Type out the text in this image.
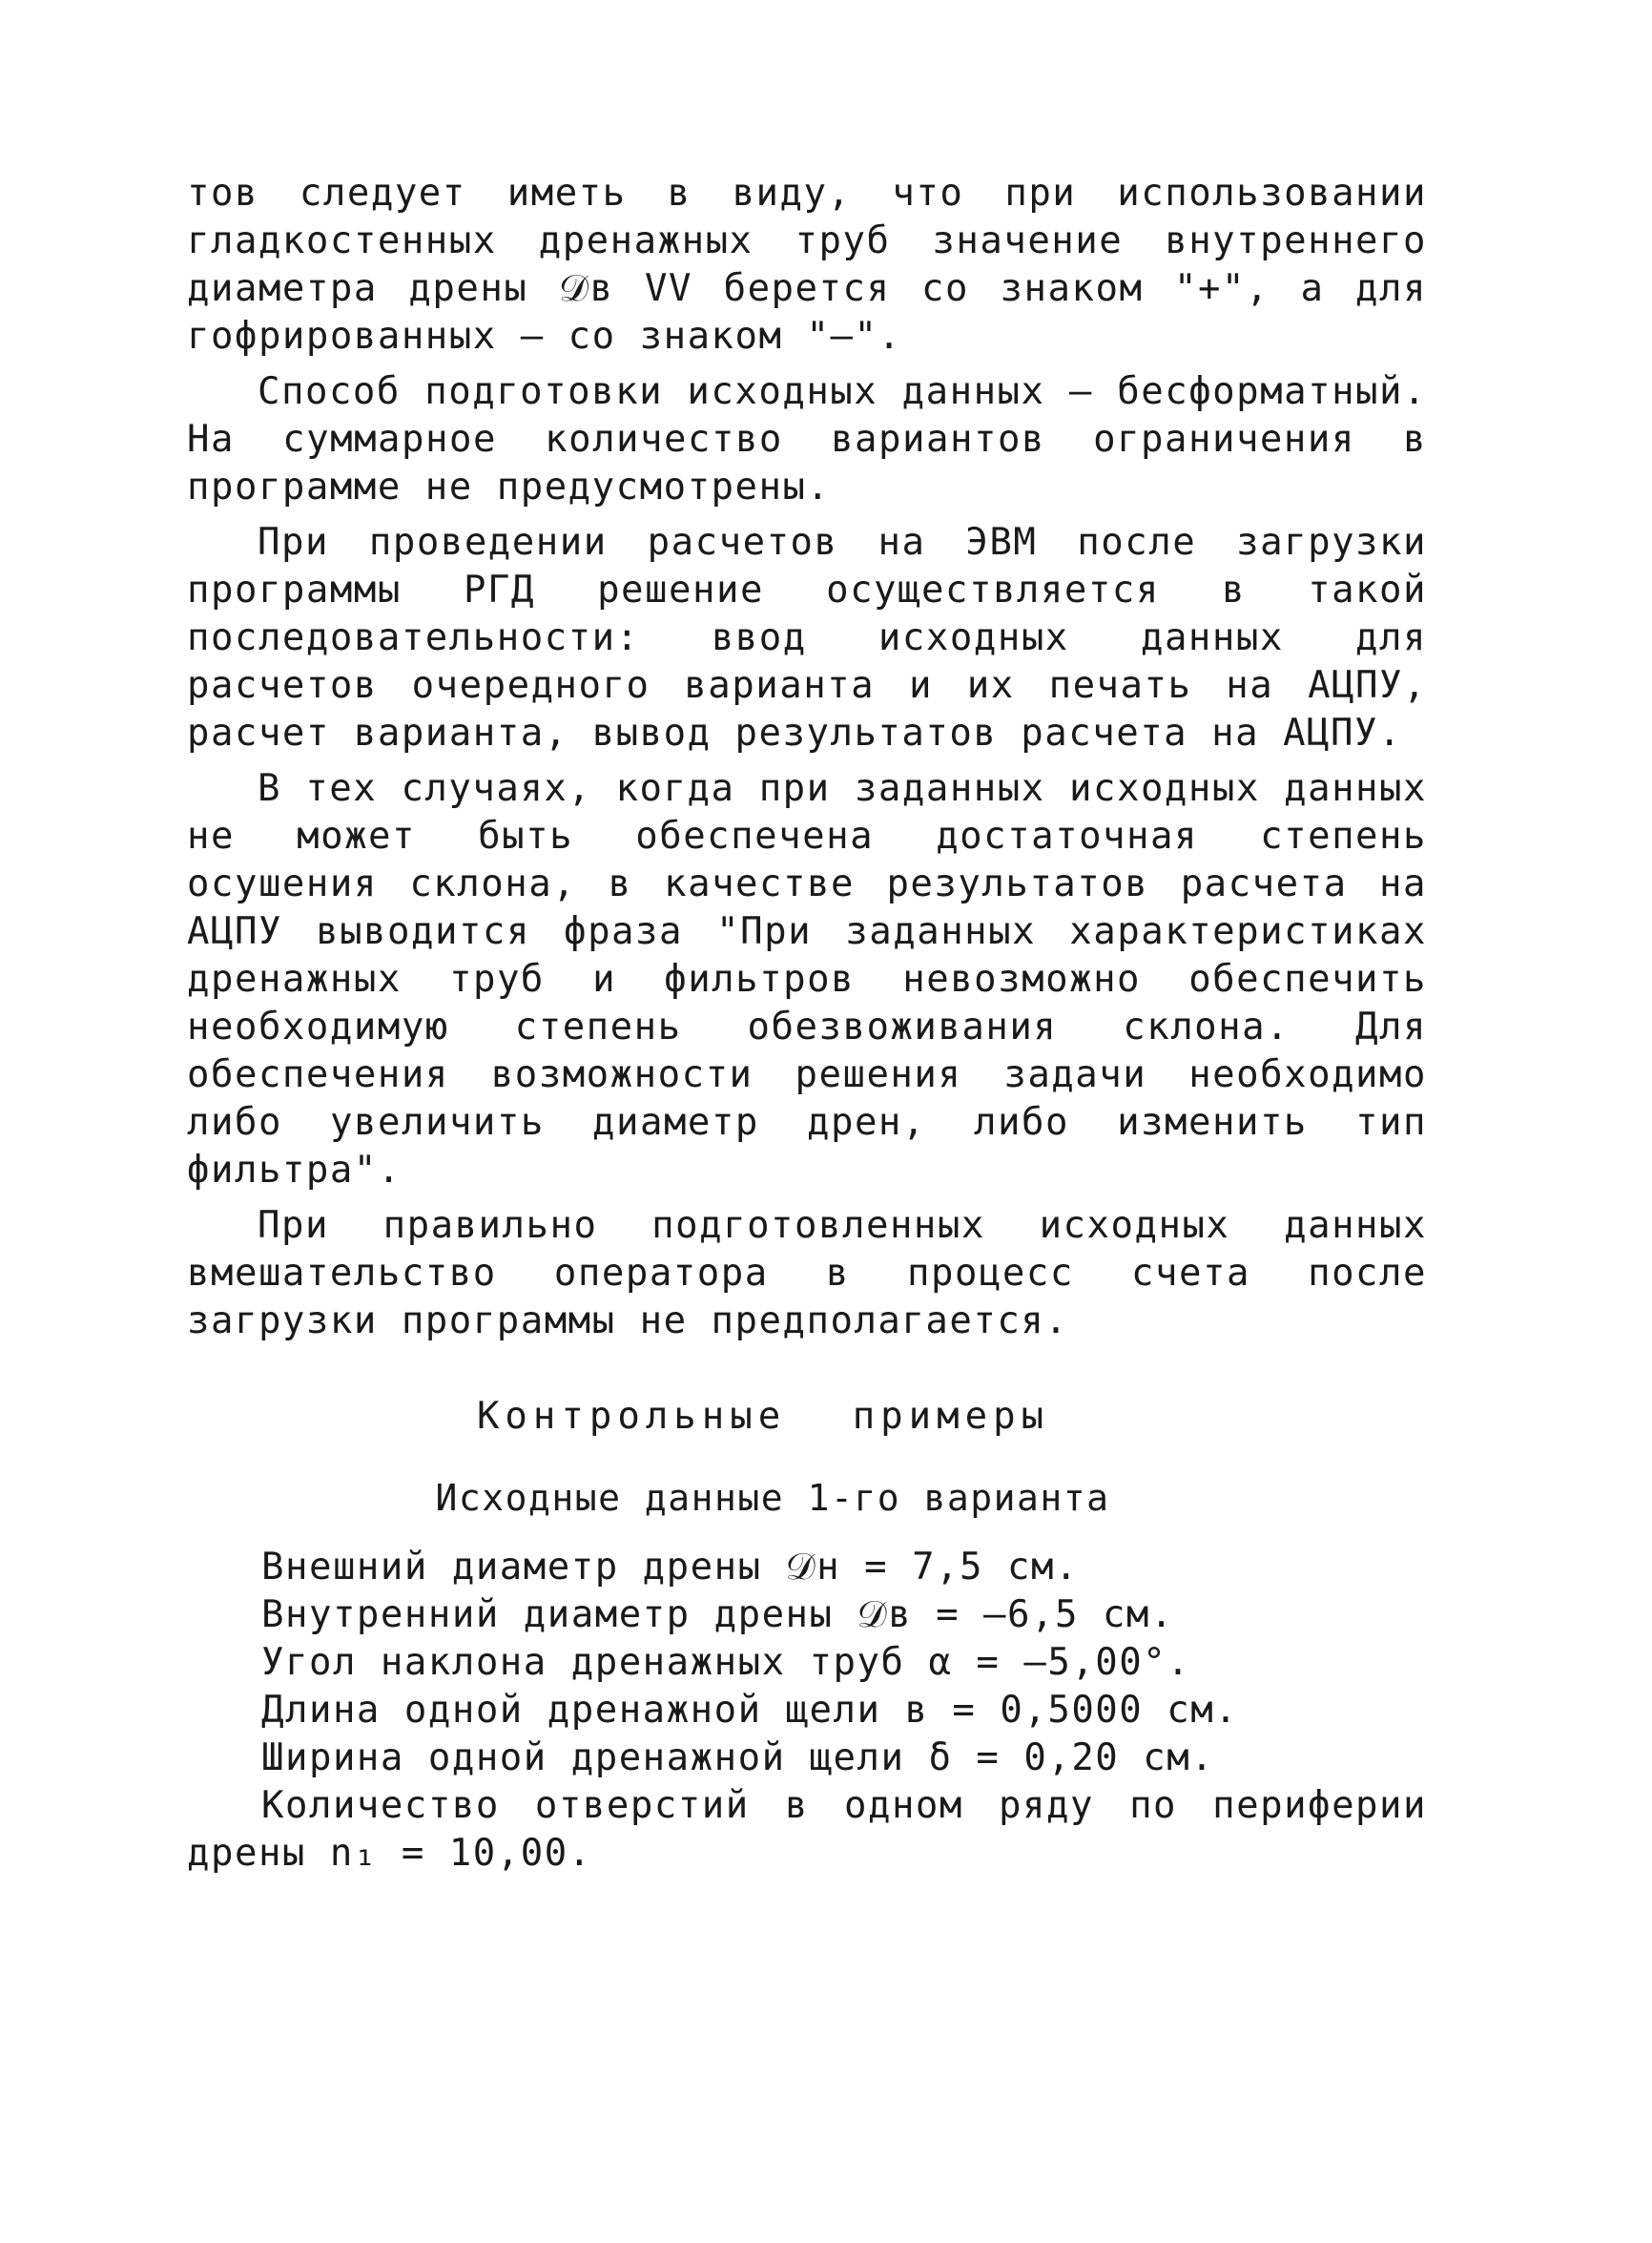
тов следует иметь в виду, что при использовании гладкостенных дренажных труб значение внутреннего диаметра дрены 𝒟в VV берется со знаком "+", а для гофрированных – со знаком "–".

Способ подготовки исходных данных – бесформатный. На суммарное количество вариантов ограничения в программе не предусмотрены.

При проведении расчетов на ЭВМ после загрузки программы РГД решение осуществляется в такой последовательности: ввод исходных данных для расчетов очередного варианта и их печать на АЦПУ, расчет варианта, вывод результатов расчета на АЦПУ.

В тех случаях, когда при заданных исходных данных не может быть обеспечена достаточная степень осушения склона, в качестве результатов расчета на АЦПУ выводится фраза "При заданных характеристиках дренажных труб и фильтров невозможно обеспечить необходимую степень обезвоживания склона. Для обеспечения возможности решения задачи необходимо либо увеличить диаметр дрен, либо изменить тип фильтра".

При правильно подготовленных исходных данных вмешательство оператора в процесс счета после загрузки программы не предполагается.

Контрольные примеры
Исходные данные 1-го варианта
Внешний диаметр дрены 𝒟н = 7,5 см.
Внутренний диаметр дрены 𝒟в = –6,5 см.
Угол наклона дренажных труб α = –5,00°.
Длина одной дренажной щели в = 0,5000 см.
Ширина одной дренажной щели δ = 0,20 см.
Количество отверстий в одном ряду по периферии дрены n₁ = 10,00.
